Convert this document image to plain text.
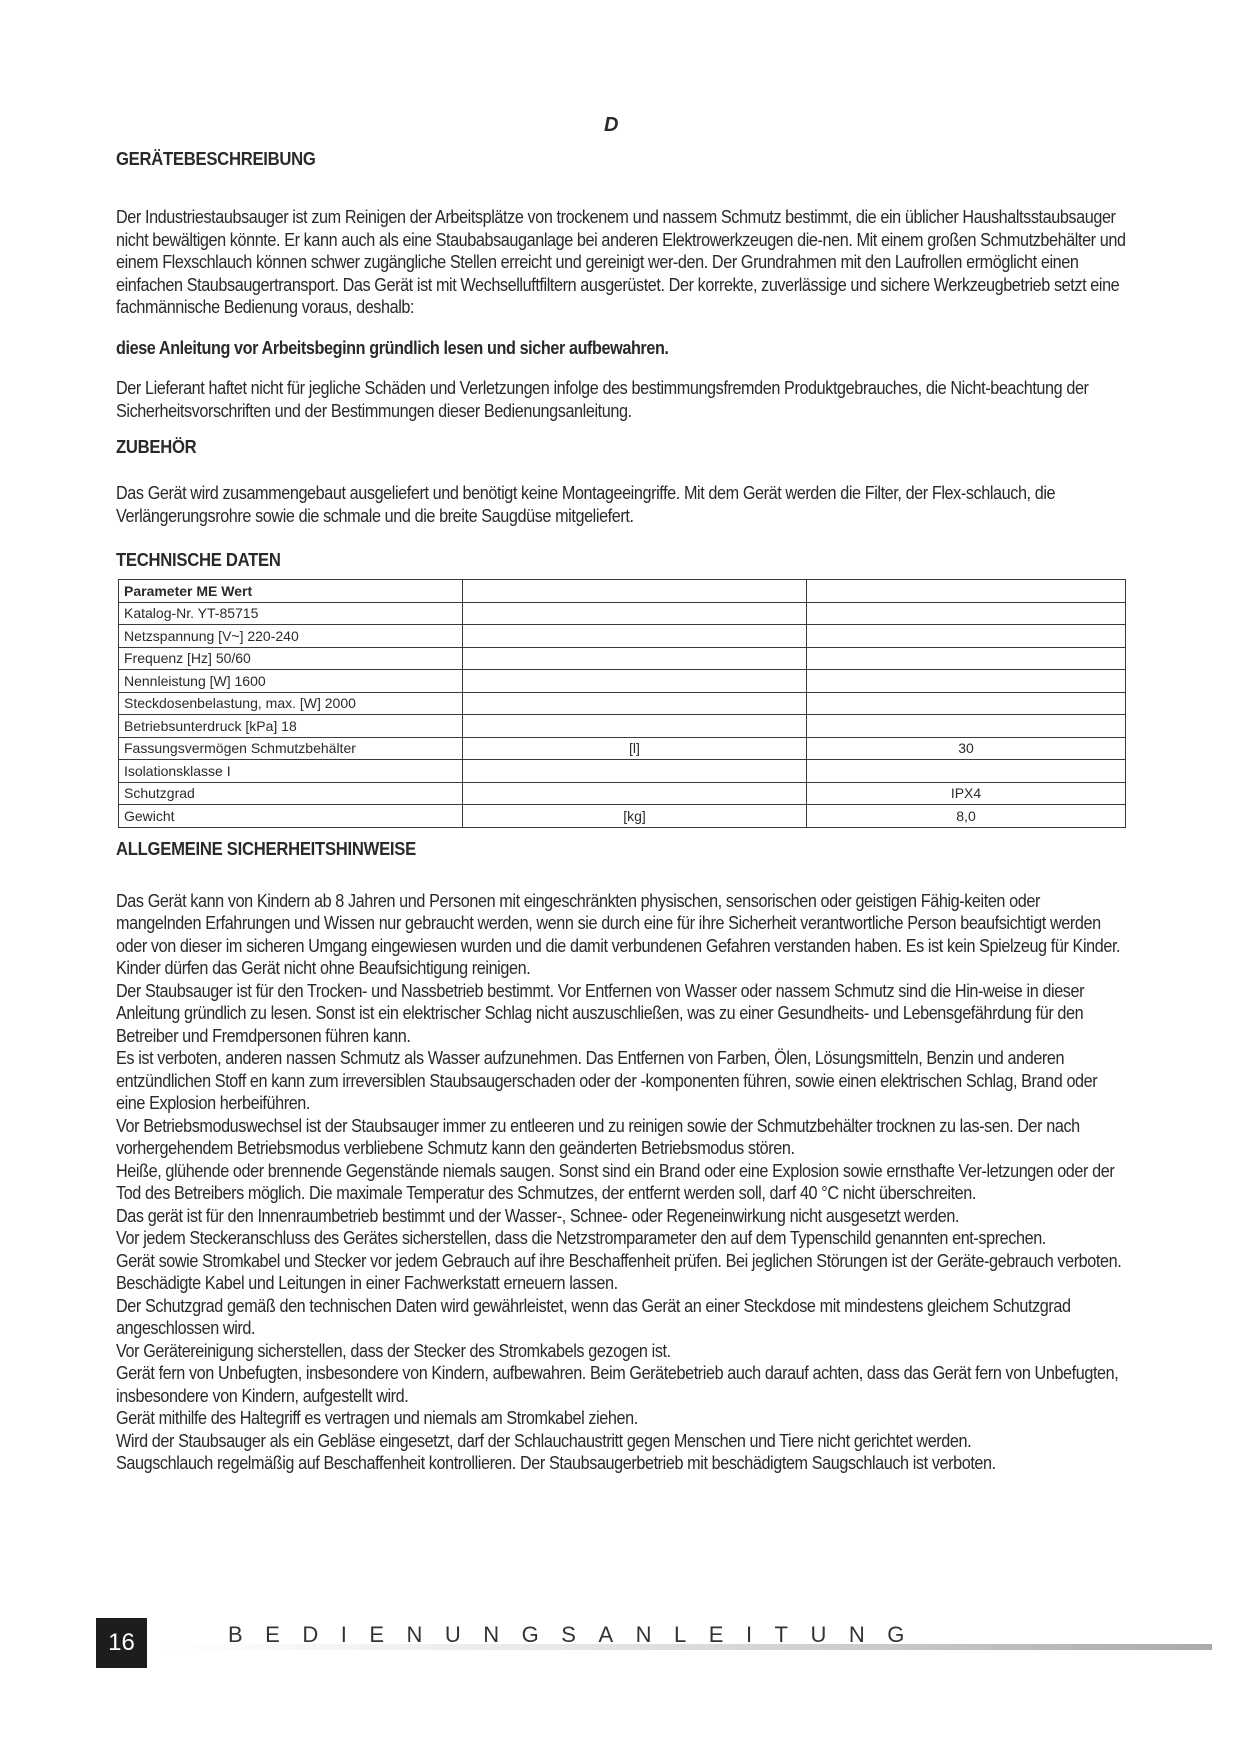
D
GERÄTEBESCHREIBUNG

Der Industriestaubsauger ist zum Reinigen der Arbeitsplätze von trockenem und nassem Schmutz bestimmt, die ein üblicher Haushaltsstaubsauger nicht bewältigen könnte. Er kann auch als eine Staubabsauganlage bei anderen Elektrowerkzeugen die-nen. Mit einem großen Schmutzbehälter und einem Flexschlauch können schwer zugängliche Stellen erreicht und gereinigt wer-den. Der Grundrahmen mit den Laufrollen ermöglicht einen einfachen Staubsaugertransport. Das Gerät ist mit Wechselluftfiltern ausgerüstet. Der korrekte, zuverlässige und sichere Werkzeugbetrieb setzt eine fachmännische Bedienung voraus, deshalb:

diese Anleitung vor Arbeitsbeginn gründlich lesen und sicher aufbewahren.

Der Lieferant haftet nicht für jegliche Schäden und Verletzungen infolge des bestimmungsfremden Produktgebrauches, die Nicht-beachtung der Sicherheitsvorschriften und der Bestimmungen dieser Bedienungsanleitung.

ZUBEHÖR

Das Gerät wird zusammengebaut ausgeliefert und benötigt keine Montageeingriffe. Mit dem Gerät werden die Filter, der Flex-schlauch, die Verlängerungsrohre sowie die schmale und die breite Saugdüse mitgeliefert.

TECHNISCHE DATEN
Parameter ME Wert		
Katalog-Nr. YT-85715		
Netzspannung [V~] 220-240		
Frequenz [Hz] 50/60		
Nennleistung [W] 1600		
Steckdosenbelastung, max. [W] 2000		
Betriebsunterdruck [kPa] 18		
Fassungsvermögen Schmutzbehälter	[l]	30
Isolationsklasse I		
Schutzgrad		IPX4
Gewicht	[kg]	8,0
ALLGEMEINE SICHERHEITSHINWEISE

Das Gerät kann von Kindern ab 8 Jahren und Personen mit eingeschränkten physischen, sensorischen oder geistigen Fähig-keiten oder mangelnden Erfahrungen und Wissen nur gebraucht werden, wenn sie durch eine für ihre Sicherheit verantwortliche Person beaufsichtigt werden oder von dieser im sicheren Umgang eingewiesen wurden und die damit verbundenen Gefahren verstanden haben. Es ist kein Spielzeug für Kinder. Kinder dürfen das Gerät nicht ohne Beaufsichtigung reinigen.

Der Staubsauger ist für den Trocken- und Nassbetrieb bestimmt. Vor Entfernen von Wasser oder nassem Schmutz sind die Hin-weise in dieser Anleitung gründlich zu lesen. Sonst ist ein elektrischer Schlag nicht auszuschließen, was zu einer Gesundheits- und Lebensgefährdung für den Betreiber und Fremdpersonen führen kann.

Es ist verboten, anderen nassen Schmutz als Wasser aufzunehmen. Das Entfernen von Farben, Ölen, Lösungsmitteln, Benzin und anderen entzündlichen Stoff en kann zum irreversiblen Staubsaugerschaden oder der -komponenten führen, sowie einen elektrischen Schlag, Brand oder eine Explosion herbeiführen.

Vor Betriebsmoduswechsel ist der Staubsauger immer zu entleeren und zu reinigen sowie der Schmutzbehälter trocknen zu las-sen. Der nach vorhergehendem Betriebsmodus verbliebene Schmutz kann den geänderten Betriebsmodus stören.

Heiße, glühende oder brennende Gegenstände niemals saugen. Sonst sind ein Brand oder eine Explosion sowie ernsthafte Ver-letzungen oder der Tod des Betreibers möglich. Die maximale Temperatur des Schmutzes, der entfernt werden soll, darf 40 °C nicht überschreiten.

Das gerät ist für den Innenraumbetrieb bestimmt und der Wasser-, Schnee- oder Regeneinwirkung nicht ausgesetzt werden.

Vor jedem Steckeranschluss des Gerätes sicherstellen, dass die Netzstromparameter den auf dem Typenschild genannten ent-sprechen.

Gerät sowie Stromkabel und Stecker vor jedem Gebrauch auf ihre Beschaffenheit prüfen. Bei jeglichen Störungen ist der Geräte-gebrauch verboten. Beschädigte Kabel und Leitungen in einer Fachwerkstatt erneuern lassen.

Der Schutzgrad gemäß den technischen Daten wird gewährleistet, wenn das Gerät an einer Steckdose mit mindestens gleichem Schutzgrad angeschlossen wird.

Vor Gerätereinigung sicherstellen, dass der Stecker des Stromkabels gezogen ist.

Gerät fern von Unbefugten, insbesondere von Kindern, aufbewahren. Beim Gerätebetrieb auch darauf achten, dass das Gerät fern von Unbefugten, insbesondere von Kindern, aufgestellt wird.

Gerät mithilfe des Haltegriff es vertragen und niemals am Stromkabel ziehen.

Wird der Staubsauger als ein Gebläse eingesetzt, darf der Schlauchaustritt gegen Menschen und Tiere nicht gerichtet werden.

Saugschlauch regelmäßig auf Beschaffenheit kontrollieren. Der Staubsaugerbetrieb mit beschädigtem Saugschlauch ist verboten.

16	BEDIENUNGSANLEITUNG
